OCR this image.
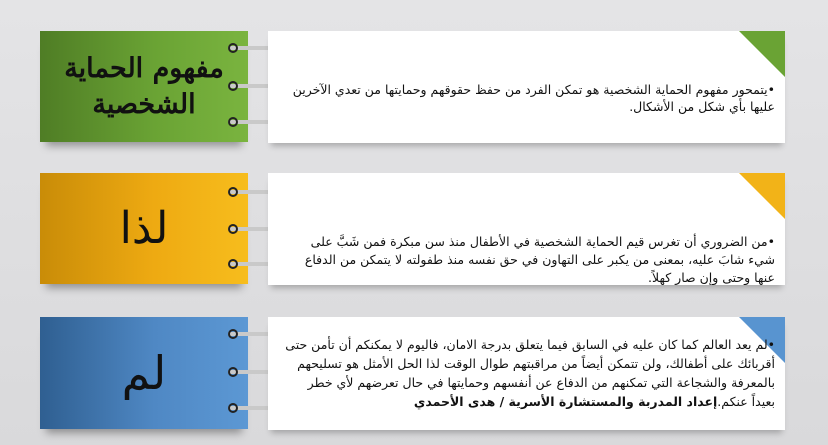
مفهوم الحماية الشخصية	•يتمحور مفهوم الحماية الشخصية هو تمكن الفرد من حفظ حقوقهم وحمايتها من تعدي الآخرين عليها بأي شكل من الأشكال.

لذا	•من الضروري أن تغرس قيم الحماية الشخصية في الأطفال منذ سن مبكرة فمن شَبَّ على شيء شابَ عليه، بمعنى من يكبر على التهاون في حق نفسه منذ طفولته لا يتمكن من الدفاع عنها وحتى وإن صار كهلاً.

لم

•لم يعد العالم كما كان عليه في السابق فيما يتعلق بدرجة الامان، فاليوم لا يمكنكم أن تأمن حتى أقربائك على أطفالك، ولن تتمكن أيضاً من مراقبتهم طوال الوقت لذا الحل الأمثل هو تسليحهم بالمعرفة والشجاعة التي تمكنهم من الدفاع عن أنفسهم وحمايتها في حال تعرضهم لأي خطر بعيداً عنكم.إعداد المدربة والمستشارة الأسرية / هدى الأحمدي
